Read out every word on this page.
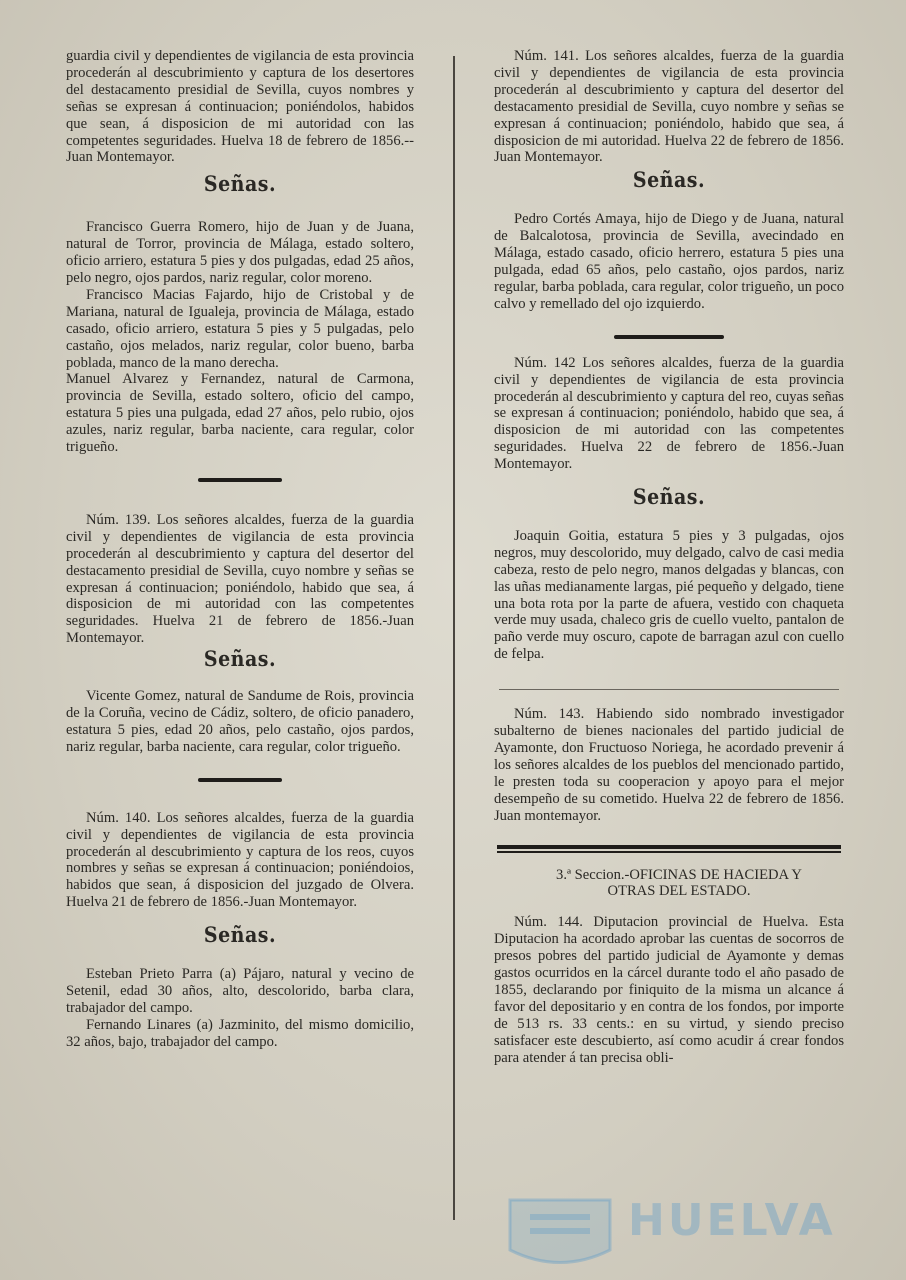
guardia civil y dependientes de vigilancia de esta provincia procederán al descubrimiento y captura de los desertores del destacamento presidial de Sevilla, cuyos nombres y señas se expresan á continuacion; poniéndolos, habidos que sean, á disposicion de mi autoridad con las competentes seguridades. Huelva 18 de febrero de 1856.--Juan Montemayor.

Señas.

Francisco Guerra Romero, hijo de Juan y de Juana, natural de Torror, provincia de Málaga, estado soltero, oficio arriero, estatura 5 pies y dos pulgadas, edad 25 años, pelo negro, ojos pardos, nariz regular, color moreno.

Francisco Macias Fajardo, hijo de Cristobal y de Mariana, natural de Igualeja, provincia de Málaga, estado casado, oficio arriero, estatura 5 pies y 5 pulgadas, pelo castaño, ojos melados, nariz regular, color bueno, barba poblada, manco de la mano derecha.

Manuel Alvarez y Fernandez, natural de Carmona, provincia de Sevilla, estado soltero, oficio del campo, estatura 5 pies una pulgada, edad 27 años, pelo rubio, ojos azules, nariz regular, barba naciente, cara regular, color trigueño.

Núm. 139. Los señores alcaldes, fuerza de la guardia civil y dependientes de vigilancia de esta provincia procederán al descubrimiento y captura del desertor del destacamento presidial de Sevilla, cuyo nombre y señas se expresan á continuacion; poniéndolo, habido que sea, á disposicion de mi autoridad con las competentes seguridades. Huelva 21 de febrero de 1856.-Juan Montemayor.

Señas.

Vicente Gomez, natural de Sandume de Rois, provincia de la Coruña, vecino de Cádiz, soltero, de oficio panadero, estatura 5 pies, edad 20 años, pelo castaño, ojos pardos, nariz regular, barba naciente, cara regular, color trigueño.

Núm. 140. Los señores alcaldes, fuerza de la guardia civil y dependientes de vigilancia de esta provincia procederán al descubrimiento y captura de los reos, cuyos nombres y señas se expresan á continuacion; poniéndoios, habidos que sean, á disposicion del juzgado de Olvera. Huelva 21 de febrero de 1856.-Juan Montemayor.

Señas.

Esteban Prieto Parra (a) Pájaro, natural y vecino de Setenil, edad 30 años, alto, descolorido, barba clara, trabajador del campo.

Fernando Linares (a) Jazminito, del mismo domicilio, 32 años, bajo, trabajador del campo.

Núm. 141. Los señores alcaldes, fuerza de la guardia civil y dependientes de vigilancia de esta provincia procederán al descubrimiento y captura del desertor del destacamento presidial de Sevilla, cuyo nombre y señas se expresan á continuacion; poniéndolo, habido que sea, á disposicion de mi autoridad. Huelva 22 de febrero de 1856. Juan Montemayor.

Señas.

Pedro Cortés Amaya, hijo de Diego y de Juana, natural de Balcalotosa, provincia de Sevilla, avecindado en Málaga, estado casado, oficio herrero, estatura 5 pies una pulgada, edad 65 años, pelo castaño, ojos pardos, nariz regular, barba poblada, cara regular, color trigueño, un poco calvo y remellado del ojo izquierdo.

Núm. 142 Los señores alcaldes, fuerza de la guardia civil y dependientes de vigilancia de esta provincia procederán al descubrimiento y captura del reo, cuyas señas se expresan á continuacion; poniéndolo, habido que sea, á disposicion de mi autoridad con las competentes seguridades. Huelva 22 de febrero de 1856.-Juan Montemayor.

Señas.

Joaquin Goitia, estatura 5 pies y 3 pulgadas, ojos negros, muy descolorido, muy delgado, calvo de casi media cabeza, resto de pelo negro, manos delgadas y blancas, con las uñas medianamente largas, pié pequeño y delgado, tiene una bota rota por la parte de afuera, vestido con chaqueta verde muy usada, chaleco gris de cuello vuelto, pantalon de paño verde muy oscuro, capote de barragan azul con cuello de felpa.

Núm. 143. Habiendo sido nombrado investigador subalterno de bienes nacionales del partido judicial de Ayamonte, don Fructuoso Noriega, he acordado prevenir á los señores alcaldes de los pueblos del mencionado partido, le presten toda su cooperacion y apoyo para el mejor desempeño de su cometido. Huelva 22 de febrero de 1856. Juan montemayor.

3.ª Seccion.-OFICINAS DE HACIEDA Y

OTRAS DEL ESTADO.

Núm. 144. Diputacion provincial de Huelva. Esta Diputacion ha acordado aprobar las cuentas de socorros de presos pobres del partido judicial de Ayamonte y demas gastos ocurridos en la cárcel durante todo el año pasado de 1855, declarando por finiquito de la misma un alcance á favor del depositario y en contra de los fondos, por importe de 513 rs. 33 cents.: en su virtud, y siendo preciso satisfacer este descubierto, así como acudir á crear fondos para atender á tan precisa obli-

HUELVA
